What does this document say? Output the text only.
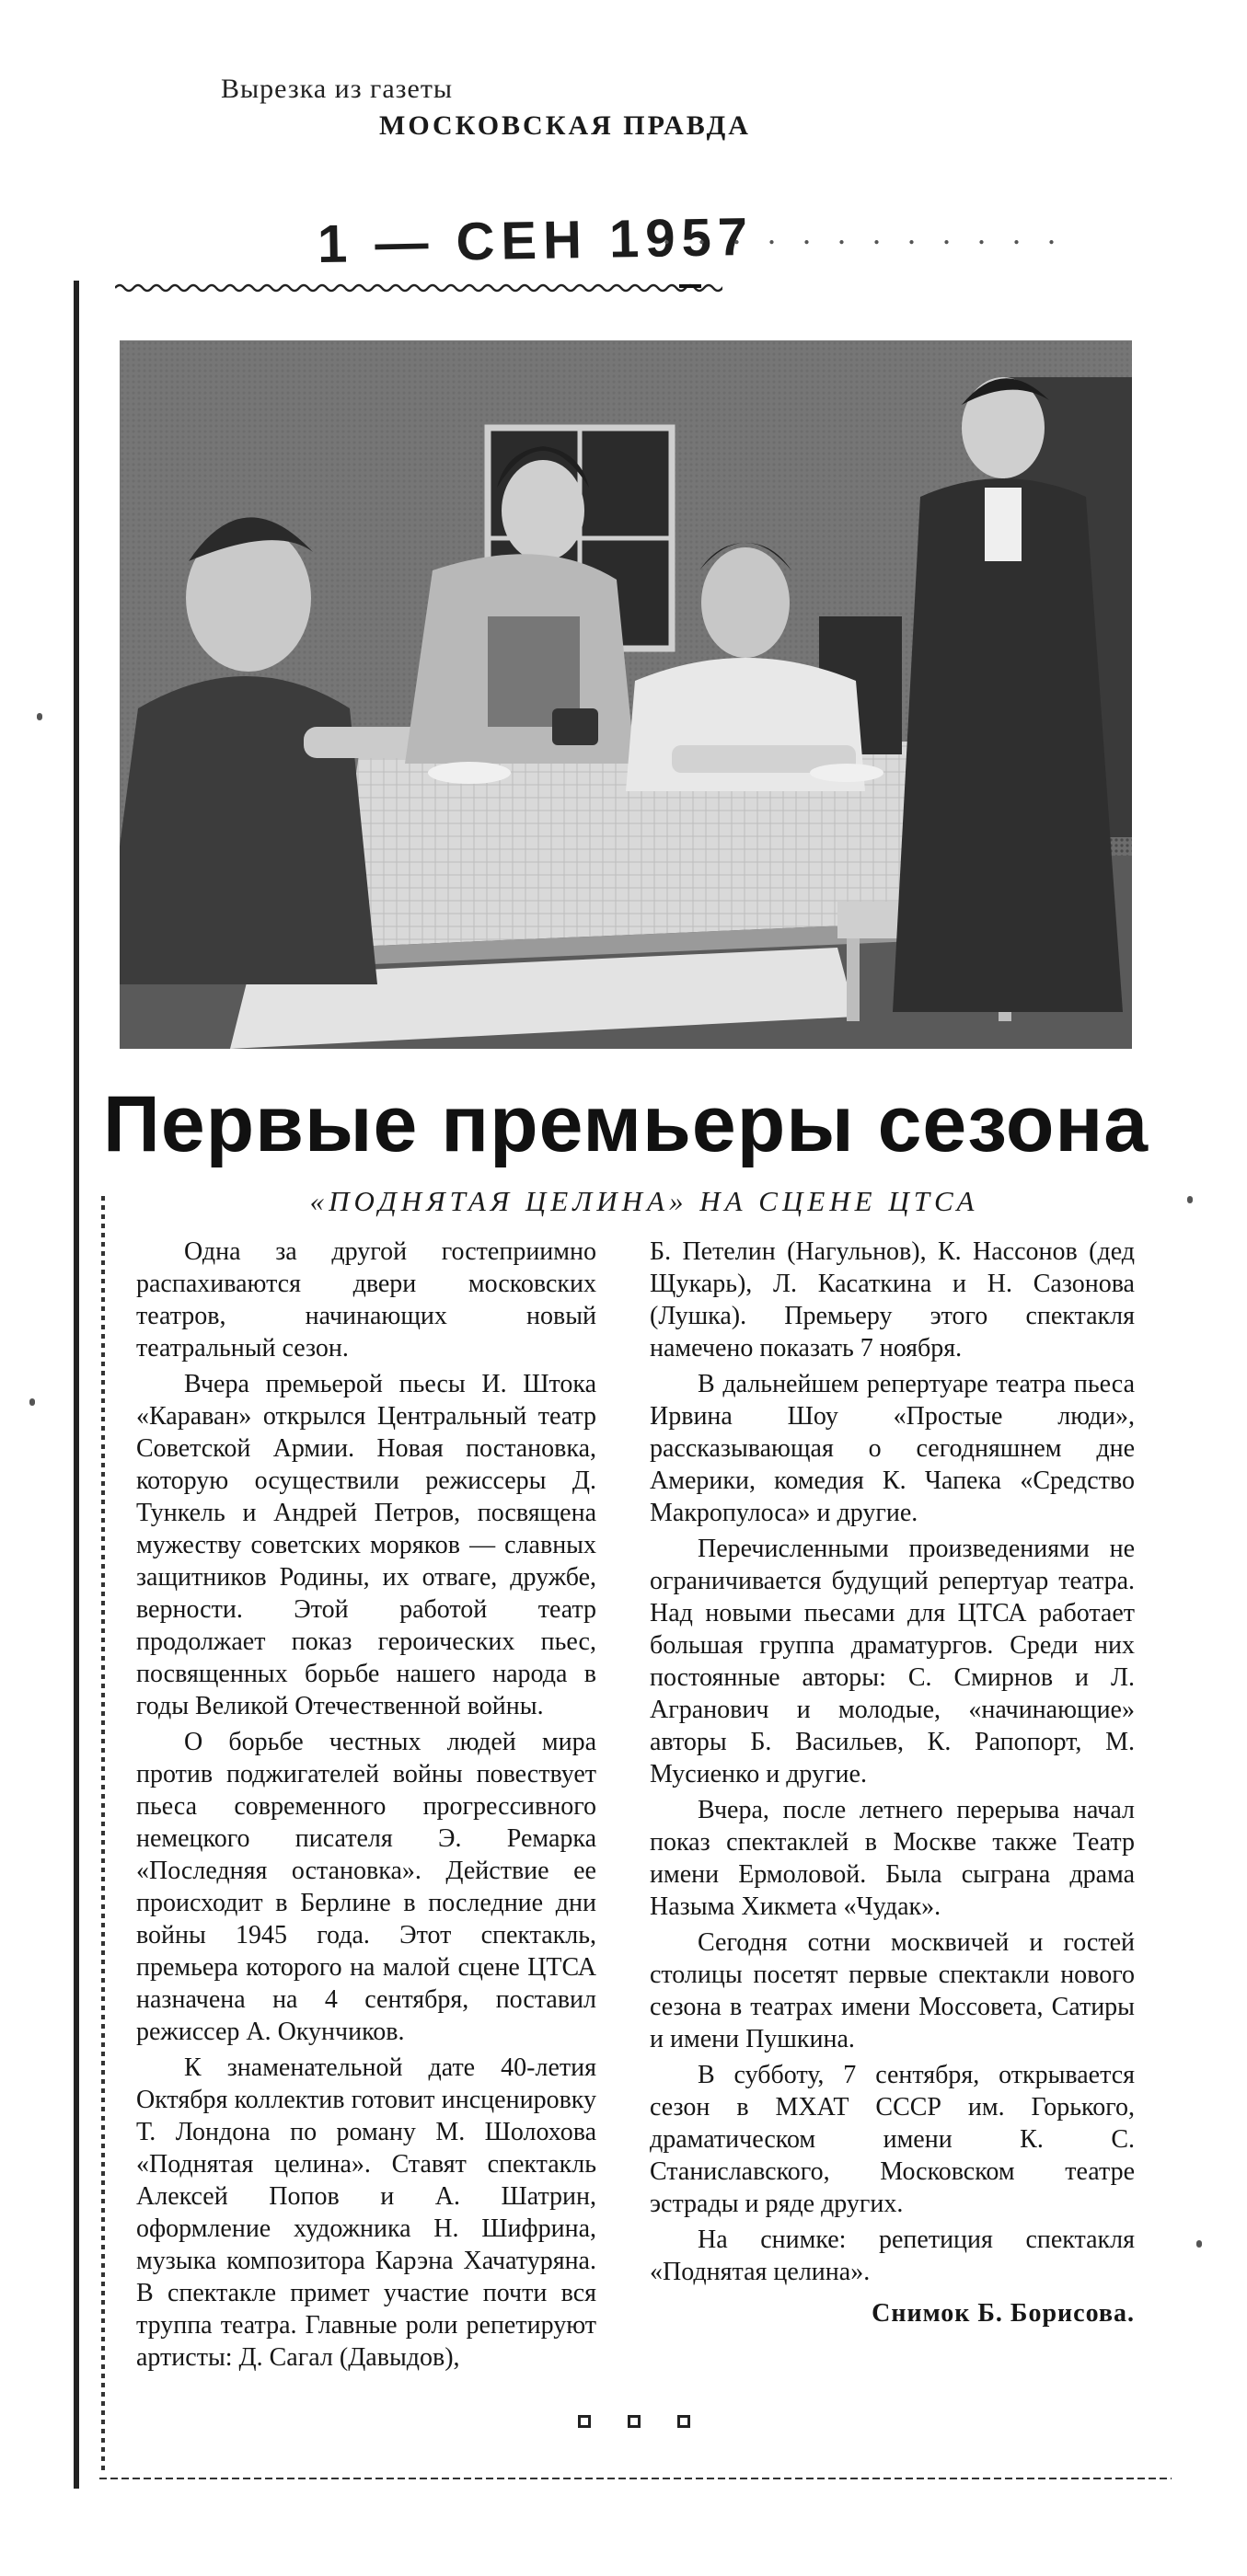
Вырезка из газеты
МОСКОВСКАЯ ПРАВДА
1 — СЕН 1957
. . . . . . . . . . . .
Первые премьеры сезона
«ПОДНЯТАЯ ЦЕЛИНА» НА СЦЕНЕ ЦТСА

Одна за другой гостеприимно распахиваются двери московских театров, начинающих новый театральный сезон.

Вчера премьерой пьесы И. Штока «Караван» открылся Центральный театр Советской Армии. Новая постановка, которую осуществили режиссеры Д. Тункель и Андрей Петров, посвящена мужеству советских моряков — славных защитников Родины, их отваге, дружбе, верности. Этой работой театр продолжает показ героических пьес, посвященных борьбе нашего народа в годы Великой Отечественной войны.

О борьбе честных людей мира против поджигателей войны повествует пьеса современного прогрессивного немецкого писателя Э. Ремарка «Последняя остановка». Действие ее происходит в Берлине в последние дни войны 1945 года. Этот спектакль, премьера которого на малой сцене ЦТСА назначена на 4 сентября, поставил режиссер А. Окунчиков.

К знаменательной дате 40-летия Октября коллектив готовит инсценировку Т. Лондона по роману М. Шолохова «Поднятая целина». Ставят спектакль Алексей Попов и А. Шатрин, оформление художника Н. Шифрина, музыка композитора Карэна Хачатуряна. В спектакле примет участие почти вся труппа театра. Главные роли репетируют артисты: Д. Сагал (Давыдов),

Б. Петелин (Нагульнов), К. Нассонов (дед Щукарь), Л. Касаткина и Н. Сазонова (Лушка). Премьеру этого спектакля намечено показать 7 ноября.

В дальнейшем репертуаре театра пьеса Ирвина Шоу «Простые люди», рассказывающая о сегодняшнем дне Америки, комедия К. Чапека «Средство Макропулоса» и другие.

Перечисленными произведениями не ограничивается будущий репертуар театра. Над новыми пьесами для ЦТСА работает большая группа драматургов. Среди них постоянные авторы: С. Смирнов и Л. Агранович и молодые, «начинающие» авторы Б. Васильев, К. Рапопорт, М. Мусиенко и другие.

Вчера, после летнего перерыва начал показ спектаклей в Москве также Театр имени Ермоловой. Была сыграна драма Назыма Хикмета «Чудак».

Сегодня сотни москвичей и гостей столицы посетят первые спектакли нового сезона в театрах имени Моссовета, Сатиры и имени Пушкина.

В субботу, 7 сентября, открывается сезон в МХАТ СССР им. Горького, драматическом имени К. С. Станиславского, Московском театре эстрады и ряде других.

На снимке: репетиция спектакля «Поднятая целина».

Снимок Б. Борисова.
